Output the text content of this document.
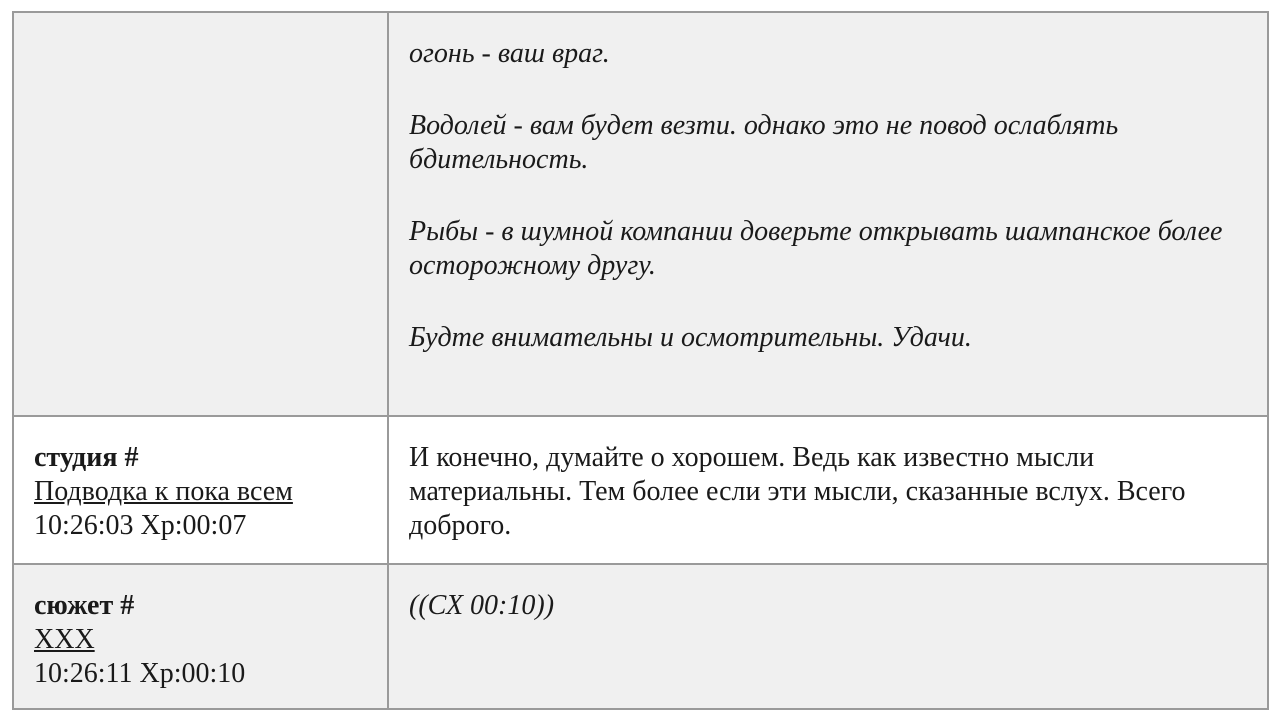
	огонь - ваш враг.
Водолей - вам будет везти. однако это не повод ослаблять бдительность.
Рыбы - в шумной компании доверьте открывать шампанское более осторожному другу.
Будте внимательны и осмотрительны. Удачи.

студия #
Подводка к пока всем
10:26:03 Хр:00:07	И конечно, думайте о хорошем. Ведь как известно мысли материальны. Тем более если эти мысли, сказанные вслух. Всего доброго.

сюжет #
ХХХ
10:26:11 Хр:00:10	((СХ 00:10))
